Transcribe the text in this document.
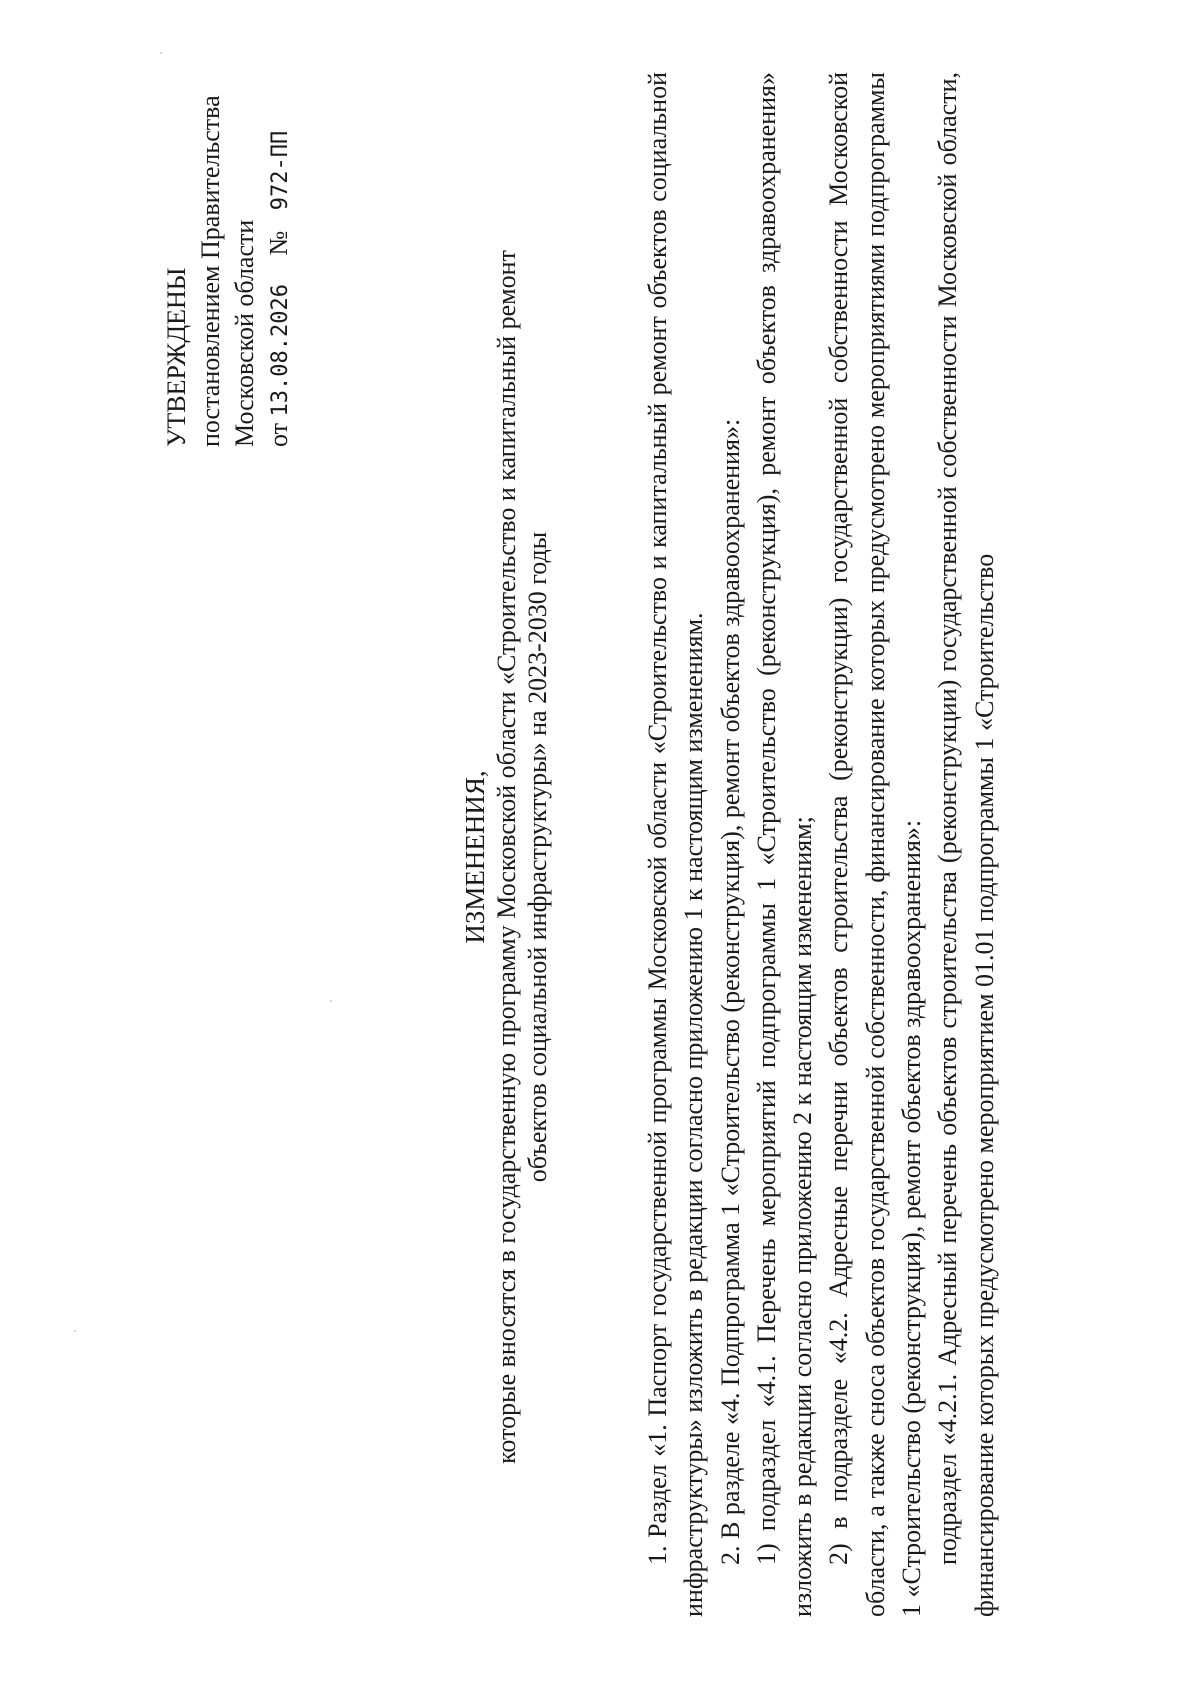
УТВЕРЖДЕНЫ постановлением Правительства Московской области от 13.08.2026 № 972-ПП
ИЗМЕНЕНИЯ, которые вносятся в государственную программу Московской области «Строительство и капитальный ремонт объектов социальной инфраструктуры» на 2023-2030 годы	1. Раздел «1. Паспорт государственной программы Московской области «Строительство и капитальный ремонт объектов социальной инфраструктуры» изложить в редакции согласно приложению 1 к настоящим изменениям. 2. В разделе «4. Подпрограмма 1 «Строительство (реконструкция), ремонт объектов здравоохранения»: 1) подраздел «4.1. Перечень мероприятий подпрограммы 1 «Строительство (реконструкция), ремонт объектов здравоохранения» изложить в редакции согласно приложению 2 к настоящим изменениям; 2) в подразделе «4.2. Адресные перечни объектов строительства (реконструкции) государственной собственности Московской области, а также сноса объектов государственной собственности, финансирование которых предусмотрено мероприятиями подпрограммы 1 «Строительство (реконструкция), ремонт объектов здравоохранения»: подраздел «4.2.1. Адресный перечень объектов строительства (реконструкции) государственной собственности Московской области, финансирование которых предусмотрено мероприятием 01.01 подпрограммы 1 «Строительство
